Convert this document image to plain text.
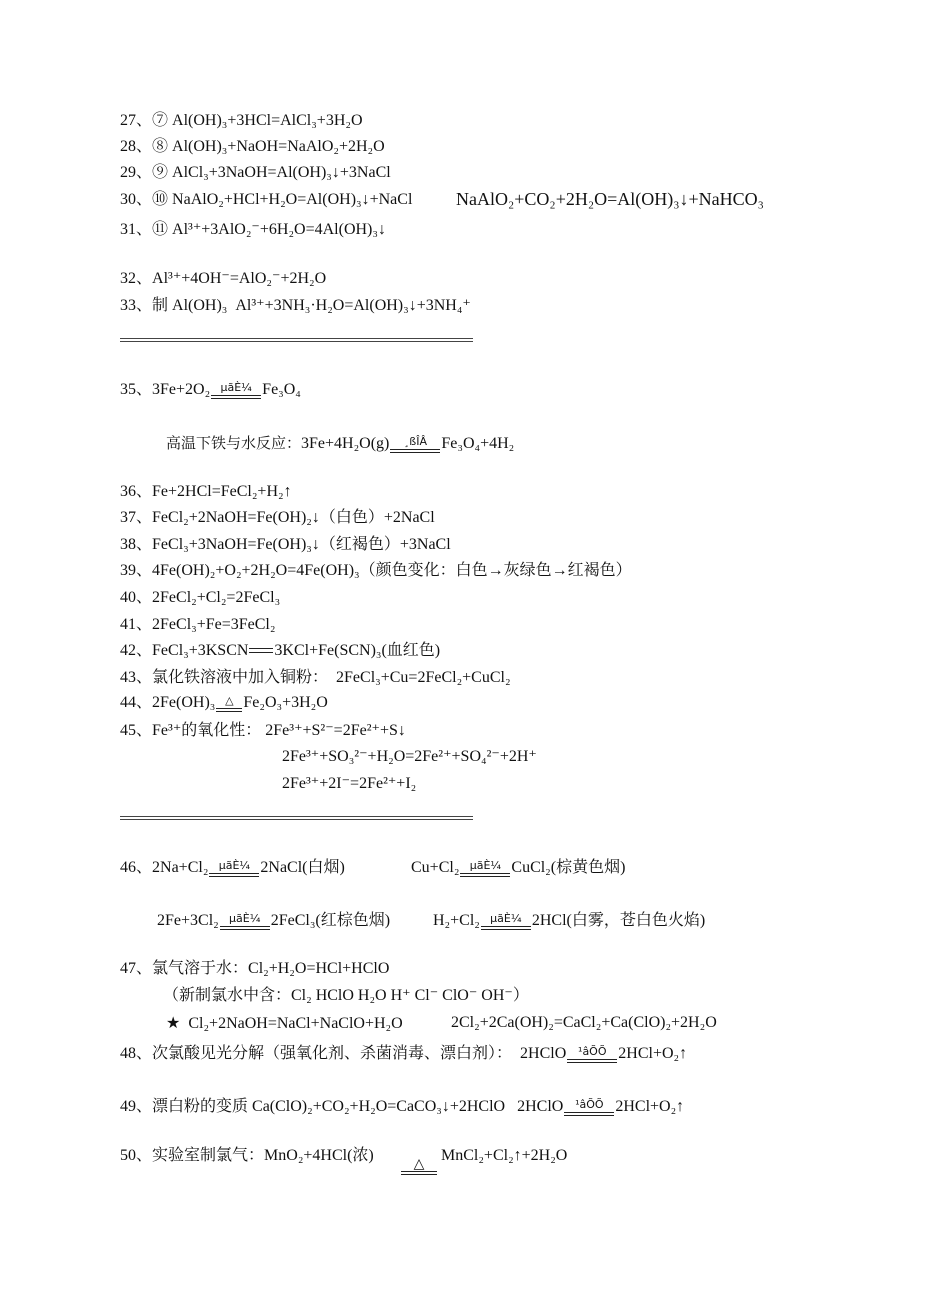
27、⑦ Al(OH)₃+3HCl=AlCl₃+3H₂O
28、⑧ Al(OH)₃+NaOH=NaAlO₂+2H₂O
29、⑨ AlCl₃+3NaOH=Al(OH)₃↓+3NaCl
30、⑩ NaAlO₂+HCl+H₂O=Al(OH)₃↓+NaCl NaAlO₂+CO₂+2H₂O=Al(OH)₃↓+NaHCO₃
31、⑪ Al³⁺+3AlO₂⁻+6H₂O=4Al(OH)₃↓
32、Al³⁺+4OH⁻=AlO₂⁻+2H₂O
33、制 Al(OH)₃ Al³⁺+3NH₃·H₂O=Al(OH)₃↓+3NH₄⁺
35、3Fe+2O₂ µãÈ¼ Fe₃O₄
高温下铁与水反应：3Fe+4H₂O(g)	¸ßÎÂ Fe₃O₄+4H₂
36、Fe+2HCl=FeCl₂+H₂↑
37、FeCl₂+2NaOH=Fe(OH)₂↓（白色）+2NaCl
38、FeCl₃+3NaOH=Fe(OH)₃↓（红褐色）+3NaCl
39、4Fe(OH)₂+O₂+2H₂O=4Fe(OH)₃（颜色变化：白色→灰绿色→红褐色）
40、2FeCl₂+Cl₂=2FeCl₃
41、2FeCl₃+Fe=3FeCl₂
42、FeCl₃+3KSCN 3KCl+Fe(SCN)₃(血红色)
43、氯化铁溶液中加入铜粉： 2FeCl₃+Cu=2FeCl₂+CuCl₂
44、2Fe(OH)₃ △ Fe₂O₃+3H₂O
45、Fe³⁺的氧化性： 2Fe³⁺+S²⁻=2Fe²⁺+S↓
2Fe³⁺+SO₃²⁻+H₂O=2Fe²⁺+SO₄²⁻+2H⁺
2Fe³⁺+2I⁻=2Fe²⁺+I₂
46、2Na+Cl₂ µãÈ¼ 2NaCl(白烟)	Cu+Cl₂ µãÈ¼ CuCl₂(棕黄色烟)
2Fe+3Cl₂ µãÈ¼ 2FeCl₃(红棕色烟)	H₂+Cl₂ µãÈ¼ 2HCl(白雾，苍白色火焰)
47、氯气溶于水：Cl₂+H₂O=HCl+HClO
（新制氯水中含：Cl₂ HClO H₂O H⁺ Cl⁻ ClO⁻ OH⁻）
★ Cl₂+2NaOH=NaCl+NaClO+H₂O	2Cl₂+2Ca(OH)₂=CaCl₂+Ca(ClO)₂+2H₂O
48、次氯酸见光分解（强氧化剂、杀菌消毒、漂白剂）： 2HClO	¹âÕÕ 2HCl+O₂↑
49、漂白粉的变质 Ca(ClO)₂+CO₂+H₂O=CaCO₃↓+2HClO 2HClO	¹âÕÕ 2HCl+O₂↑
50、实验室制氯气：MnO₂+4HCl(浓)	△	MnCl₂+Cl₂↑+2H₂O
